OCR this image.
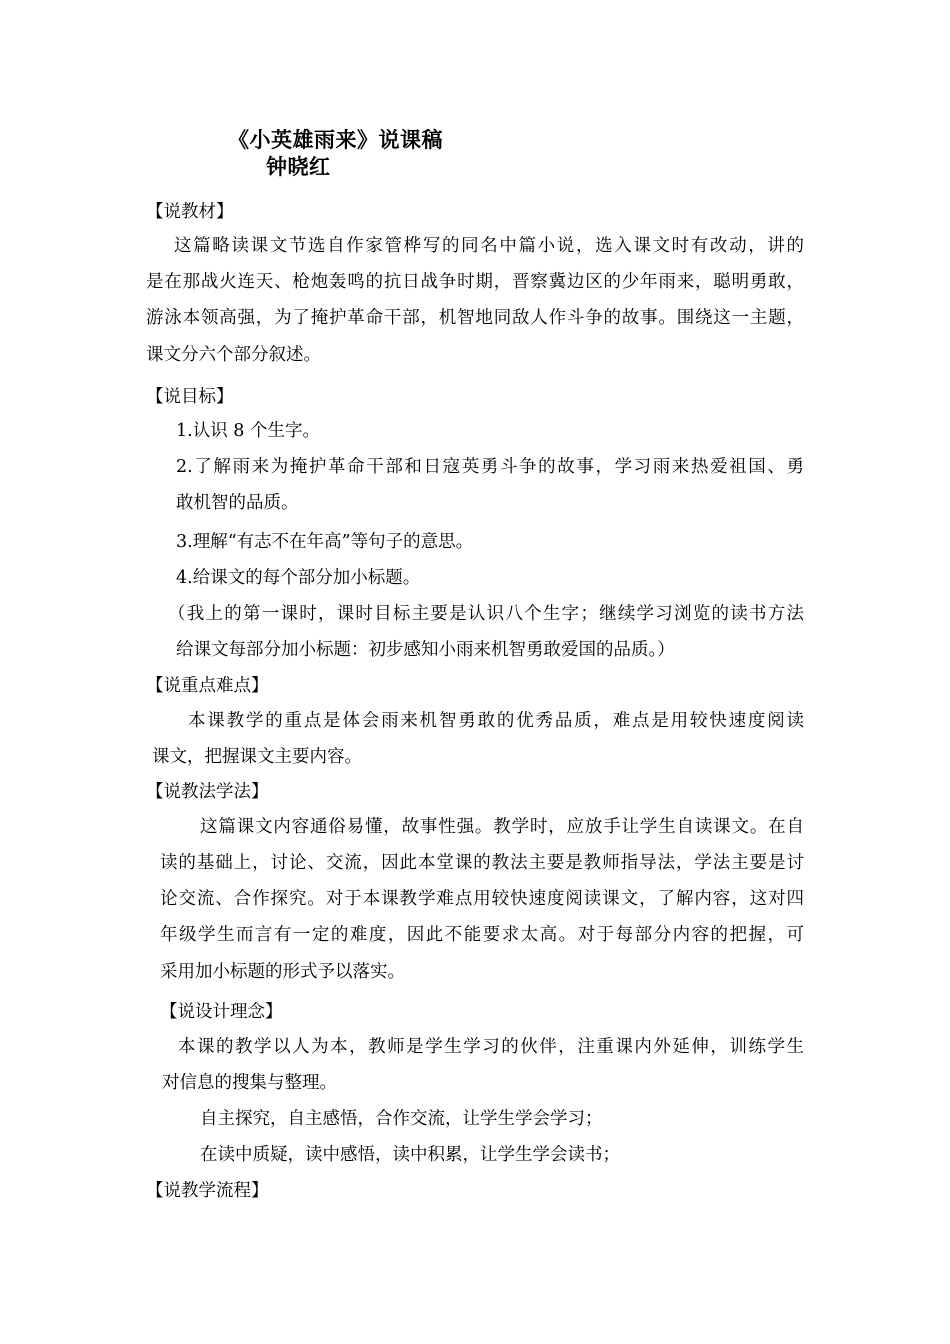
《小英雄雨来》说课稿
钟晓红
【说教材】
这篇略读课文节选自作家管桦写的同名中篇小说，选入课文时有改动，讲的
是在那战火连天、枪炮轰鸣的抗日战争时期，晋察冀边区的少年雨来，聪明勇敢，
游泳本领高强，为了掩护革命干部，机智地同敌人作斗争的故事。围绕这一主题，
课文分六个部分叙述。
【说目标】
1.认识 8 个生字。
2.了解雨来为掩护革命干部和日寇英勇斗争的故事，学习雨来热爱祖国、勇
敢机智的品质。
3.理解“有志不在年高”等句子的意思。
4.给课文的每个部分加小标题。
（我上的第一课时，课时目标主要是认识八个生字；继续学习浏览的读书方法
给课文每部分加小标题：初步感知小雨来机智勇敢爱国的品质。）
【说重点难点】
本课教学的重点是体会雨来机智勇敢的优秀品质，难点是用较快速度阅读
课文，把握课文主要内容。
【说教法学法】
这篇课文内容通俗易懂，故事性强。教学时，应放手让学生自读课文。在自
读的基础上，讨论、交流，因此本堂课的教法主要是教师指导法，学法主要是讨
论交流、合作探究。对于本课教学难点用较快速度阅读课文，了解内容，这对四
年级学生而言有一定的难度，因此不能要求太高。对于每部分内容的把握，可
采用加小标题的形式予以落实。
【说设计理念】
本课的教学以人为本，教师是学生学习的伙伴，注重课内外延伸，训练学生
对信息的搜集与整理。
自主探究，自主感悟，合作交流，让学生学会学习；
在读中质疑，读中感悟，读中积累，让学生学会读书；
【说教学流程】
